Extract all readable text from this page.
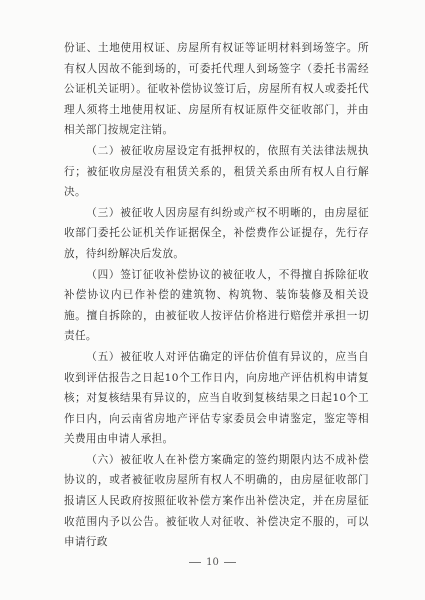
份证、土地使用权证、房屋所有权证等证明材料到场签字。所有权人因故不能到场的，可委托代理人到场签字（委托书需经公证机关证明）。征收补偿协议签订后，房屋所有权人或委托代理人须将土地使用权证、房屋所有权证原件交征收部门，并由相关部门按规定注销。

（二）被征收房屋设定有抵押权的，依照有关法律法规执行；被征收房屋没有租赁关系的，租赁关系由所有权人自行解决。

（三）被征收人因房屋有纠纷或产权不明晰的，由房屋征收部门委托公证机关作证据保全，补偿费作公证提存，先行存放，待纠纷解决后发放。

（四）签订征收补偿协议的被征收人，不得擅自拆除征收补偿协议内已作补偿的建筑物、构筑物、装饰装修及相关设施。擅自拆除的，由被征收人按评估价格进行赔偿并承担一切责任。

（五）被征收人对评估确定的评估价值有异议的，应当自收到评估报告之日起10个工作日内，向房地产评估机构申请复核；对复核结果有异议的，应当自收到复核结果之日起10个工作日内，向云南省房地产评估专家委员会申请鉴定，鉴定等相关费用由申请人承担。

（六）被征收人在补偿方案确定的签约期限内达不成补偿协议的，或者被征收房屋所有权人不明确的，由房屋征收部门报请区人民政府按照征收补偿方案作出补偿决定，并在房屋征收范围内予以公告。被征收人对征收、补偿决定不服的，可以申请行政

10
